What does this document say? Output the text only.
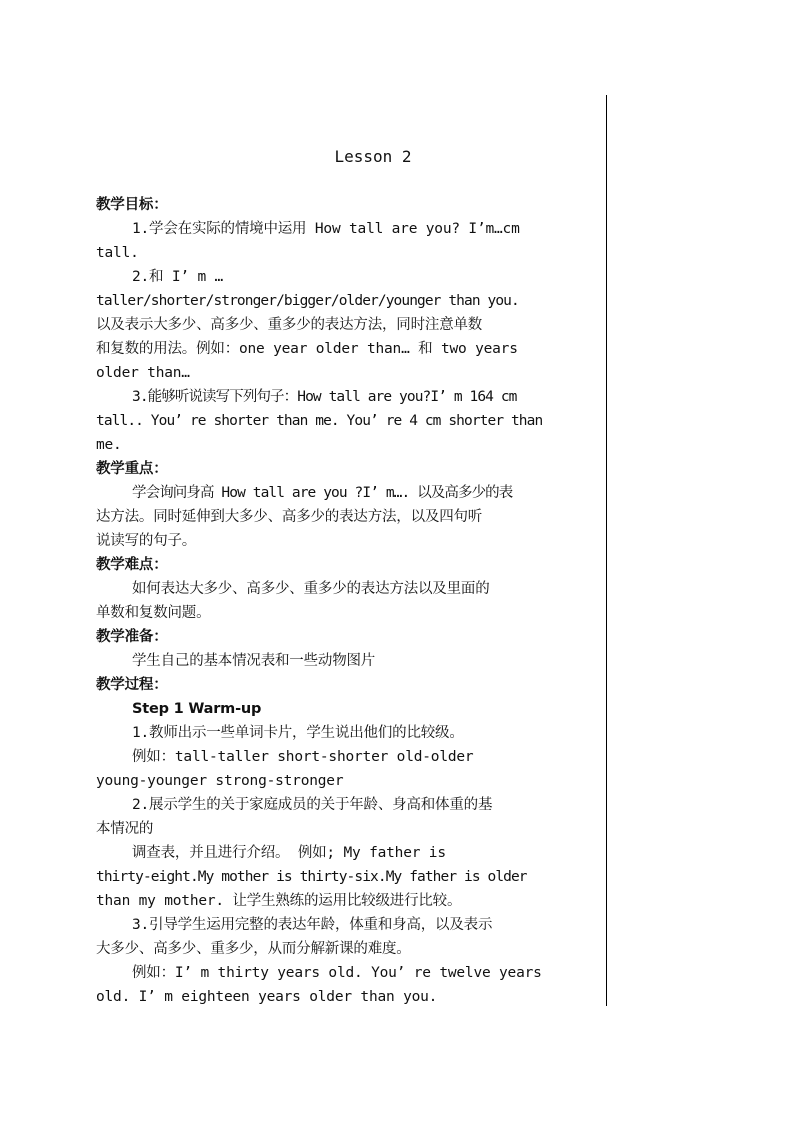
Lesson 2
教学目标：
1.学会在实际的情境中运用 How tall are you? I’m…cm
tall.
2.和 I’ m …
taller/shorter/stronger/bigger/older/younger than you.
以及表示大多少、高多少、重多少的表达方法，同时注意单数
和复数的用法。例如：one year older than… 和 two years
older than…
3.能够听说读写下列句子：How tall are you?I’ m 164 cm
tall.. You’ re shorter than me. You’ re 4 cm shorter than
me.
教学重点：
学会询问身高 How tall are you ?I’ m…. 以及高多少的表
达方法。同时延伸到大多少、高多少的表达方法，以及四句听
说读写的句子。
教学难点：
如何表达大多少、高多少、重多少的表达方法以及里面的
单数和复数问题。
教学准备：
学生自己的基本情况表和一些动物图片
教学过程：
Step 1 Warm-up
1.教师出示一些单词卡片，学生说出他们的比较级。
例如：tall-taller short-shorter old-older
young-younger strong-stronger
2.展示学生的关于家庭成员的关于年龄、身高和体重的基
本情况的
调查表，并且进行介绍。 例如; My father is
thirty-eight.My mother is thirty-six.My father is older
than my mother. 让学生熟练的运用比较级进行比较。
3.引导学生运用完整的表达年龄，体重和身高，以及表示
大多少、高多少、重多少，从而分解新课的难度。
例如：I’ m thirty years old. You’ re twelve years
old. I’ m eighteen years older than you.
